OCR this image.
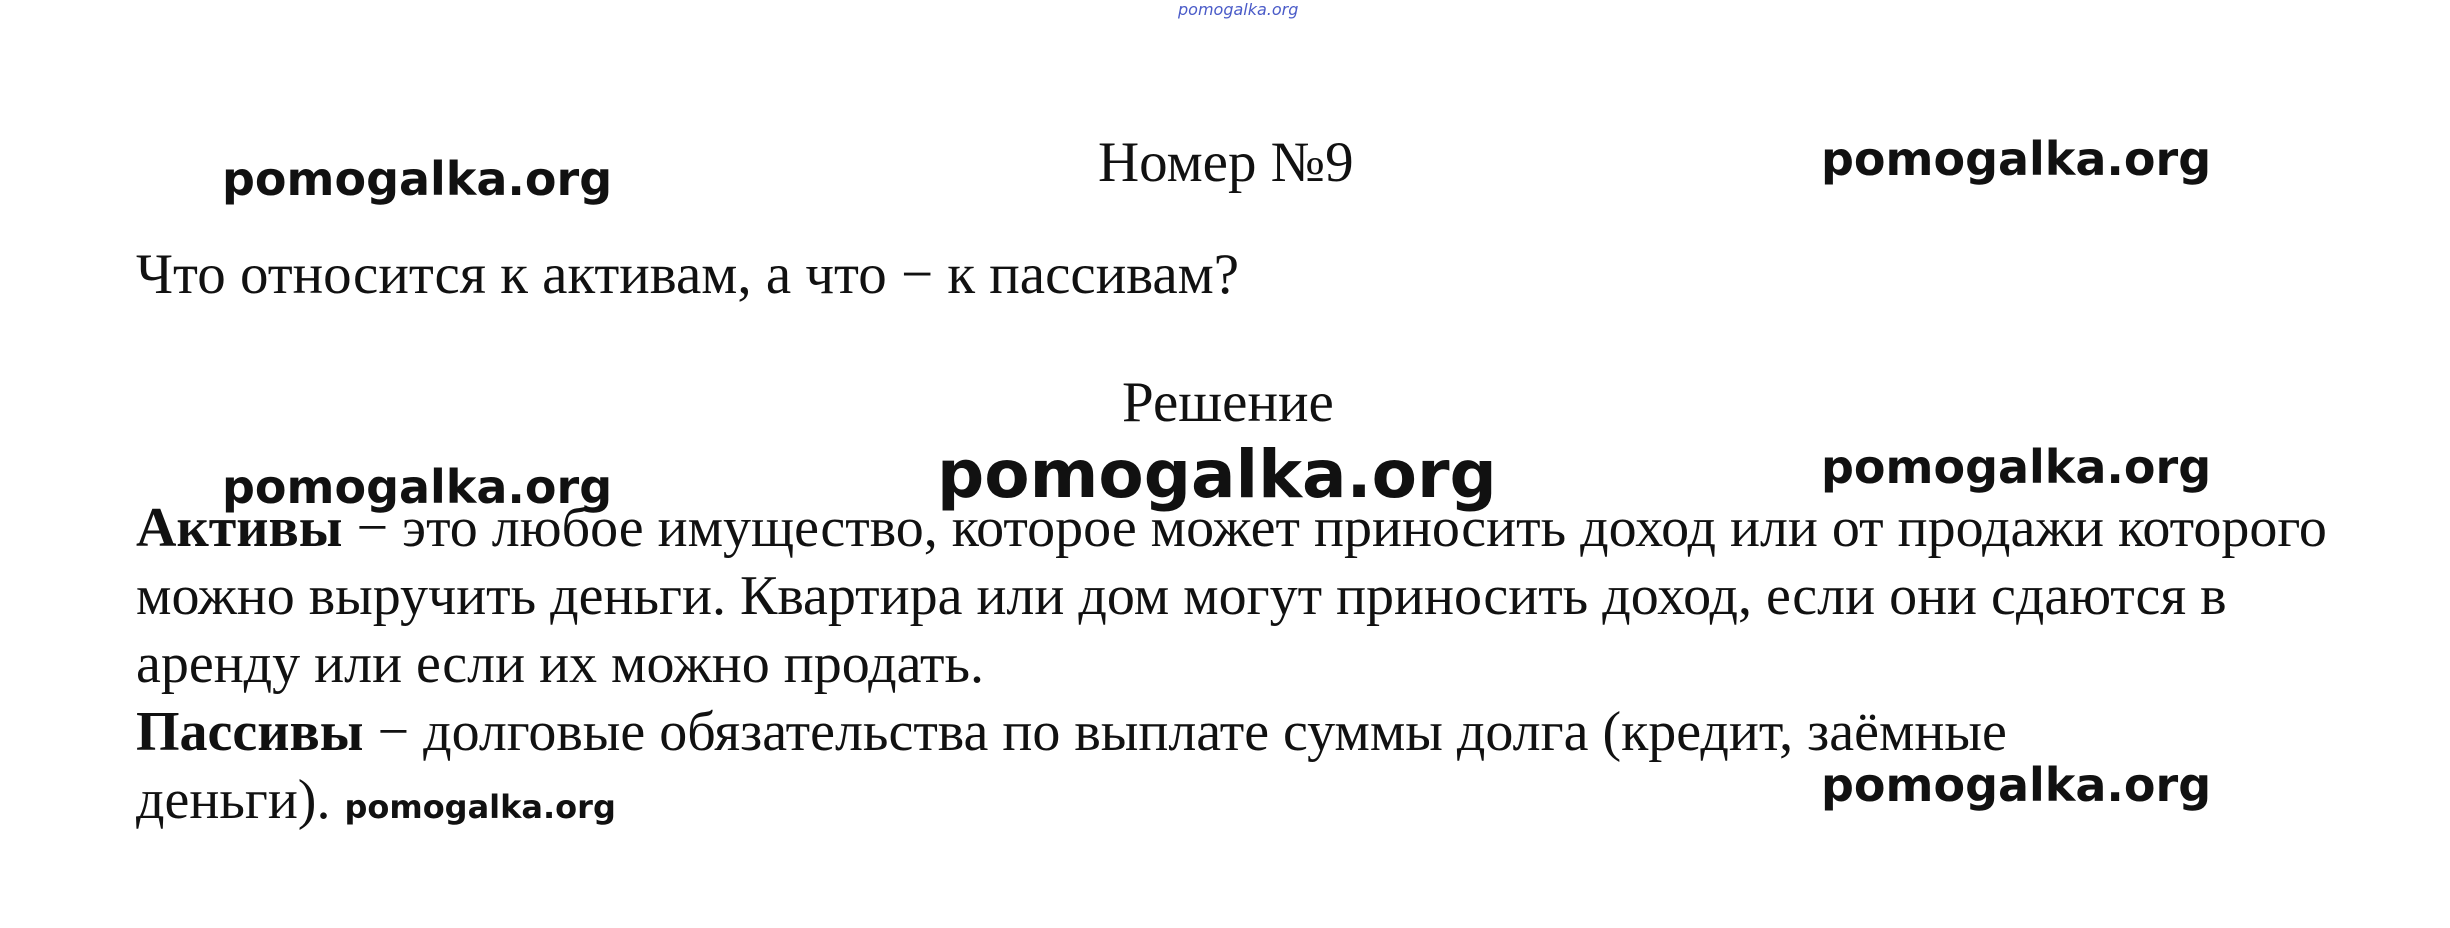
pomogalka.org
pomogalka.org	pomogalka.org
Номер №9
Что относится к активам, а что − к пассивам?
Решение
pomogalka.org	pomogalka.org

Активы − это любое имущество, которое может приносить доход или от продажи которого можно выручить деньги. Квартира или дом могут приносить доход, если они сдаются в аренду или если их можно продать.

Пассивы − долговые обязательства по выплате суммы долга (кредит, заёмные деньги). pomogalka.org

pomogalka.org
pomogalka.org
